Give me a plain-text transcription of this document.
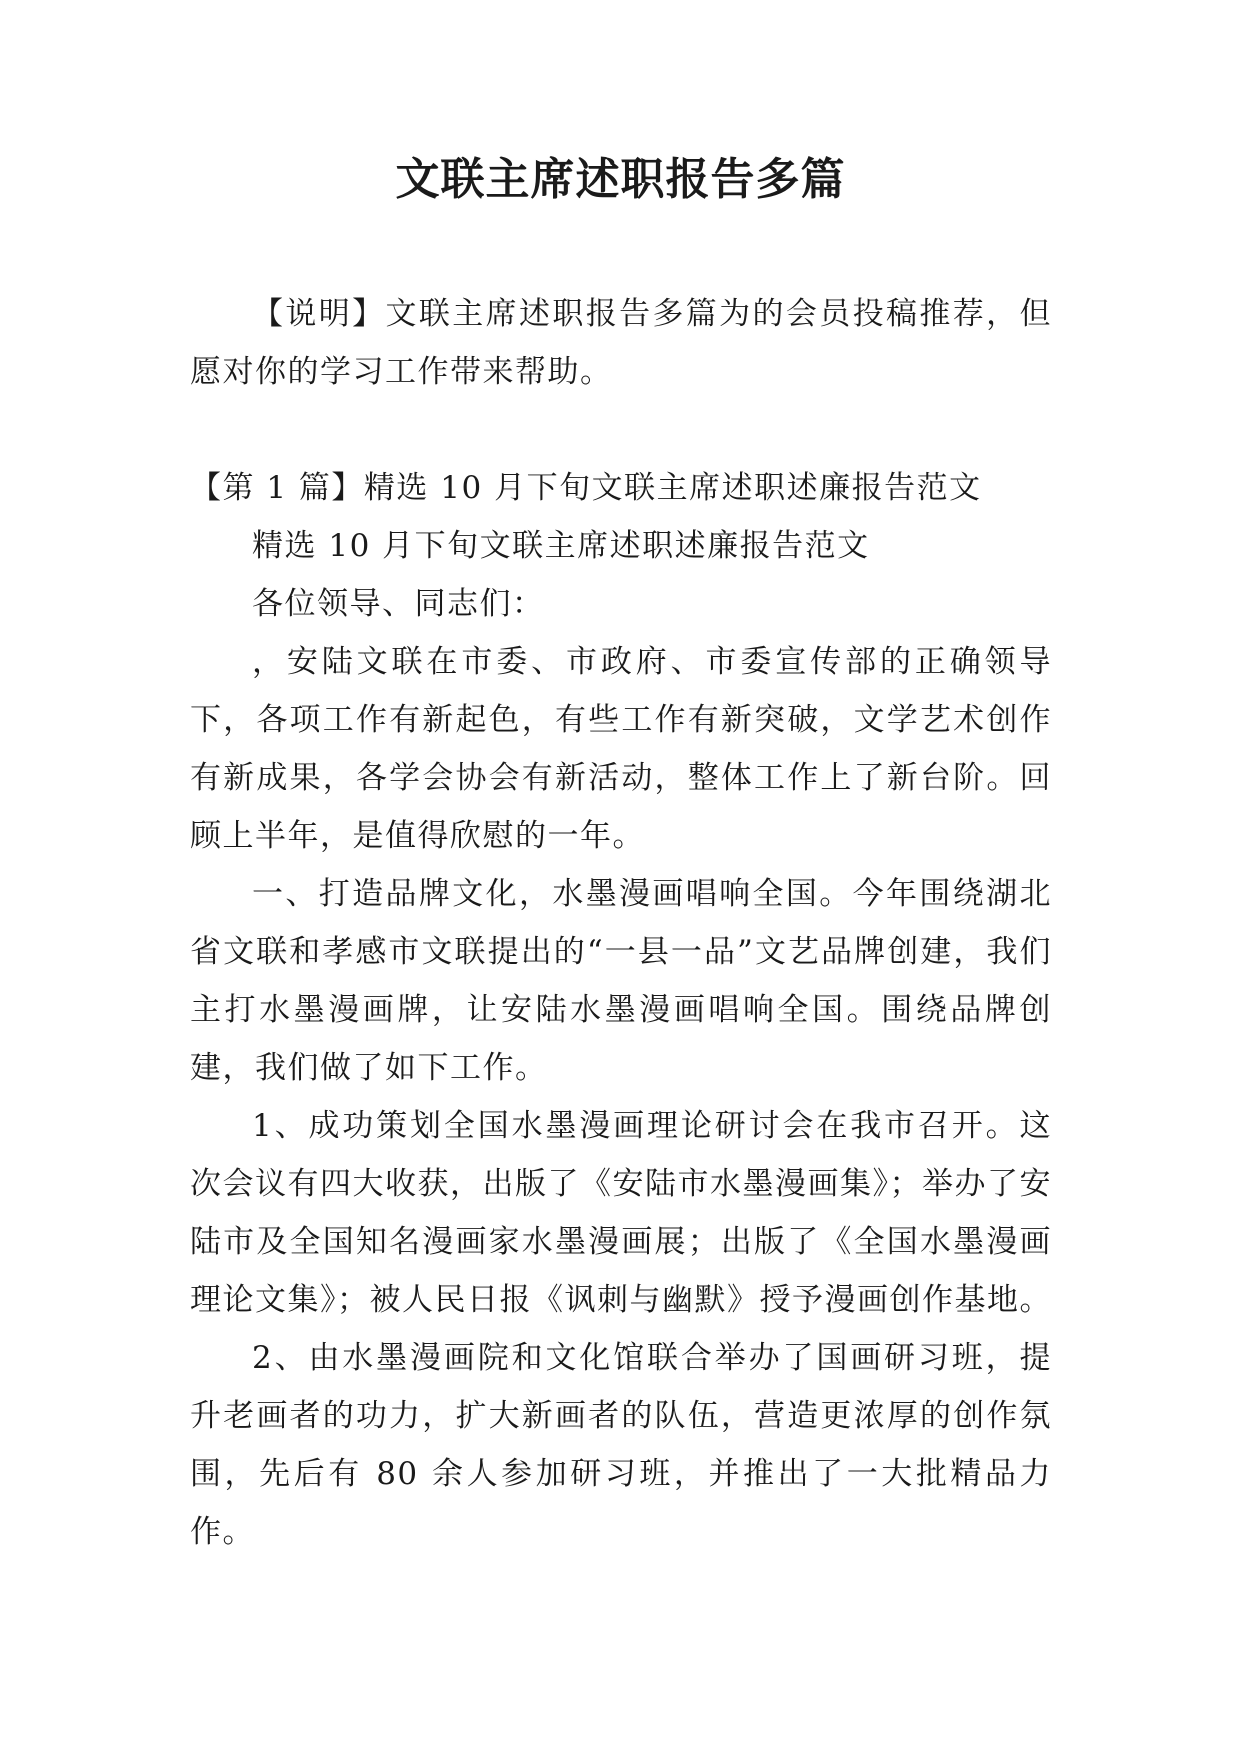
文联主席述职报告多篇

【说明】文联主席述职报告多篇为的会员投稿推荐，但愿对你的学习工作带来帮助。

【第 1 篇】精选 10 月下旬文联主席述职述廉报告范文

精选 10 月下旬文联主席述职述廉报告范文

各位领导、同志们：

，安陆文联在市委、市政府、市委宣传部的正确领导下，各项工作有新起色，有些工作有新突破，文学艺术创作有新成果，各学会协会有新活动，整体工作上了新台阶。回顾上半年，是值得欣慰的一年。

一、打造品牌文化，水墨漫画唱响全国。今年围绕湖北省文联和孝感市文联提出的“一县一品”文艺品牌创建，我们主打水墨漫画牌，让安陆水墨漫画唱响全国。围绕品牌创建，我们做了如下工作。

1、成功策划全国水墨漫画理论研讨会在我市召开。这次会议有四大收获，出版了《安陆市水墨漫画集》；举办了安陆市及全国知名漫画家水墨漫画展；出版了《全国水墨漫画理论文集》；被人民日报《讽刺与幽默》授予漫画创作基地。

2、由水墨漫画院和文化馆联合举办了国画研习班，提升老画者的功力，扩大新画者的队伍，营造更浓厚的创作氛围，先后有 80 余人参加研习班，并推出了一大批精品力作。
